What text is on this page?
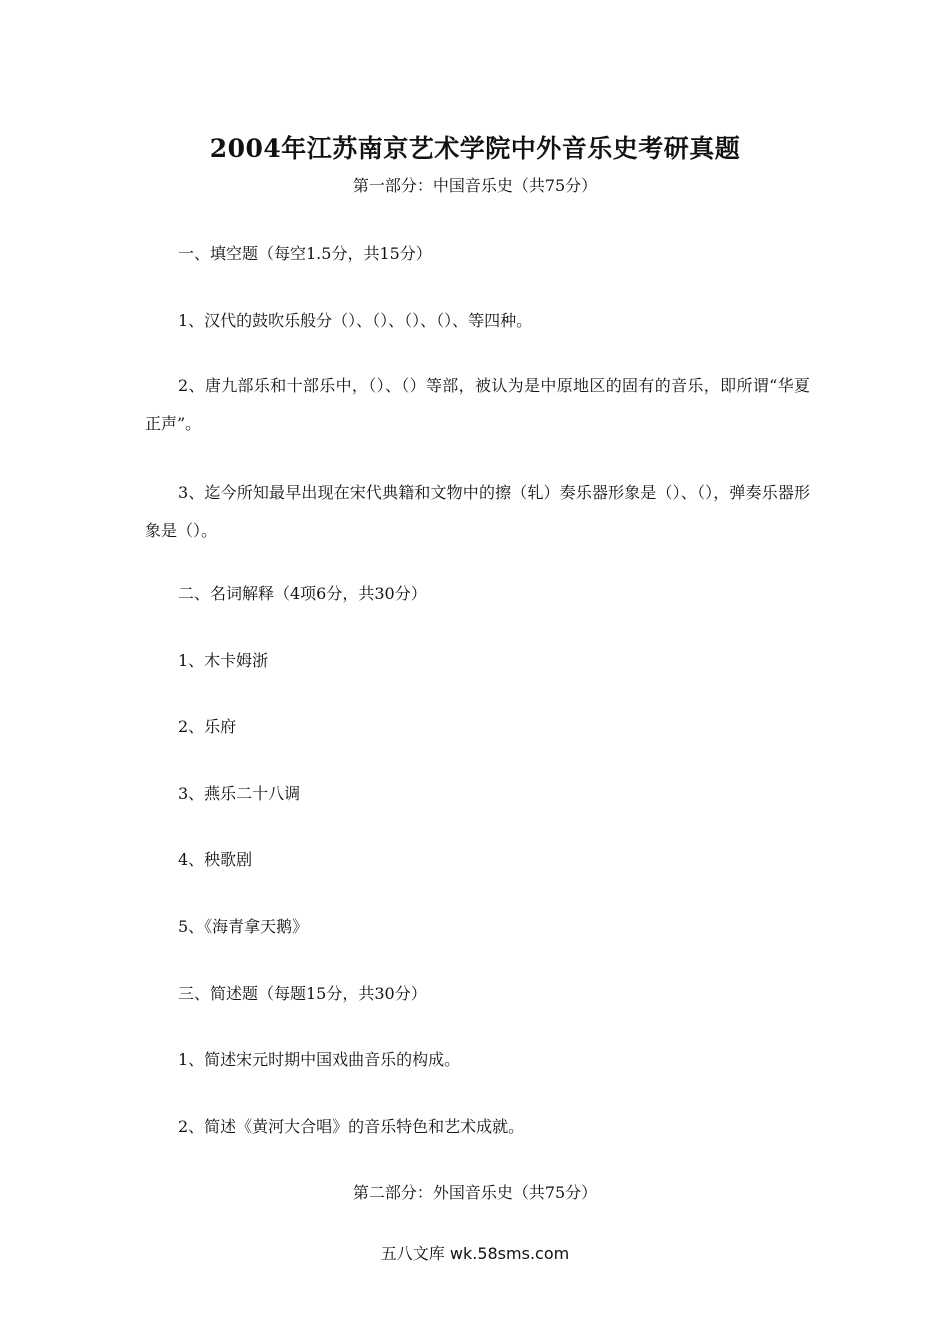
2004年江苏南京艺术学院中外音乐史考研真题
第一部分：中国音乐史（共75分）
一、填空题（每空1.5分，共15分）
1、汉代的鼓吹乐般分（）、（）、（）、（）、等四种。
2、唐九部乐和十部乐中，（）、（）等部，被认为是中原地区的固有的音乐，即所谓“华夏正声”。
3、迄今所知最早出现在宋代典籍和文物中的擦（轧）奏乐器形象是（）、（），弹奏乐器形象是（）。
二、名词解释（4项6分，共30分）
1、木卡姆浙
2、乐府
3、燕乐二十八调
4、秧歌剧
5、《海青拿天鹅》
三、简述题（每题15分，共30分）
1、简述宋元时期中国戏曲音乐的构成。
2、简述《黄河大合唱》的音乐特色和艺术成就。
第二部分：外国音乐史（共75分）
五八文库 wk.58sms.com
